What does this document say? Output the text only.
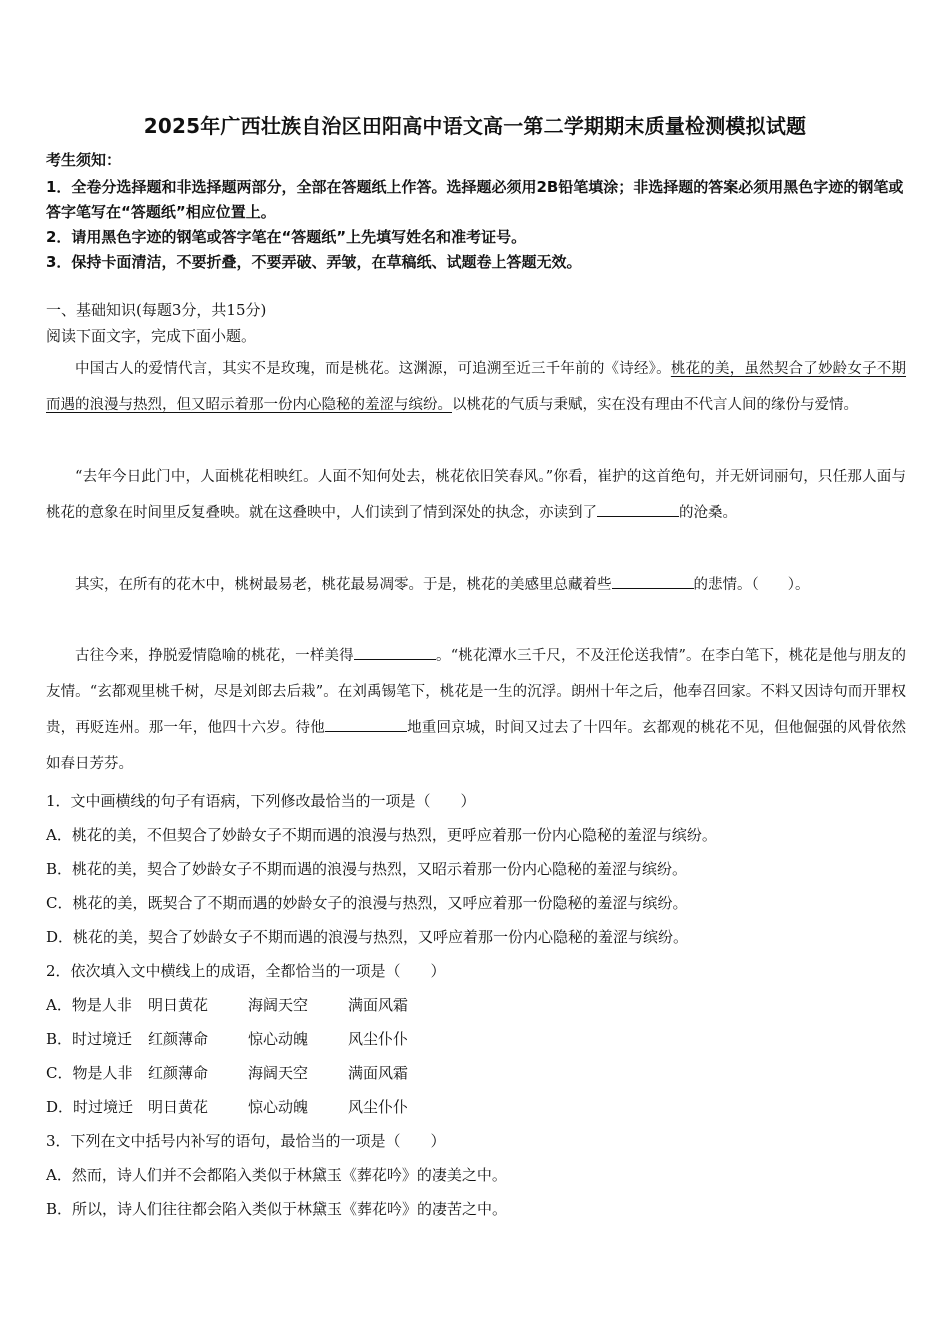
2025年广西壮族自治区田阳高中语文高一第二学期期末质量检测模拟试题
考生须知：
1．全卷分选择题和非选择题两部分，全部在答题纸上作答。选择题必须用2B铅笔填涂；非选择题的答案必须用黑色字迹的钢笔或答字笔写在“答题纸”相应位置上。
2．请用黑色字迹的钢笔或答字笔在“答题纸”上先填写姓名和准考证号。
3．保持卡面清洁，不要折叠，不要弄破、弄皱，在草稿纸、试题卷上答题无效。
一、基础知识(每题3分，共15分)
阅读下面文字，完成下面小题。
中国古人的爱情代言，其实不是玫瑰，而是桃花。这渊源，可追溯至近三千年前的《诗经》。桃花的美，虽然契合了妙龄女子不期而遇的浪漫与热烈，但又昭示着那一份内心隐秘的羞涩与缤纷。以桃花的气质与秉赋，实在没有理由不代言人间的缘份与爱情。
“去年今日此门中，人面桃花相映红。人面不知何处去，桃花依旧笑春风。”你看，崔护的这首绝句，并无妍词丽句，只任那人面与桃花的意象在时间里反复叠映。就在这叠映中，人们读到了情到深处的执念，亦读到了	的沧桑。
其实，在所有的花木中，桃树最易老，桃花最易凋零。于是，桃花的美感里总藏着些	的悲情。（　　）。
古往今来，挣脱爱情隐喻的桃花，一样美得	。“桃花潭水三千尺，不及汪伦送我情”。在李白笔下，桃花是他与朋友的友情。“玄都观里桃千树，尽是刘郎去后栽”。在刘禹锡笔下，桃花是一生的沉浮。朗州十年之后，他奉召回家。不料又因诗句而开罪权贵，再贬连州。那一年，他四十六岁。待他	地重回京城，时间又过去了十四年。玄都观的桃花不见，但他倔强的风骨依然如春日芳芬。
1．文中画横线的句子有语病，下列修改最恰当的一项是（　　）
A．桃花的美，不但契合了妙龄女子不期而遇的浪漫与热烈，更呼应着那一份内心隐秘的羞涩与缤纷。
B．桃花的美，契合了妙龄女子不期而遇的浪漫与热烈，又昭示着那一份内心隐秘的羞涩与缤纷。
C．桃花的美，既契合了不期而遇的妙龄女子的浪漫与热烈，又呼应着那一份隐秘的羞涩与缤纷。
D．桃花的美，契合了妙龄女子不期而遇的浪漫与热烈，又呼应着那一份内心隐秘的羞涩与缤纷。
2．依次填入文中横线上的成语，全都恰当的一项是（　　）
A．物是人非 明日黄花	海阔天空	满面风霜
B．时过境迁 红颜薄命	惊心动魄	风尘仆仆
C．物是人非 红颜薄命	海阔天空	满面风霜
D．时过境迁 明日黄花	惊心动魄	风尘仆仆
3．下列在文中括号内补写的语句，最恰当的一项是（　　）
A．然而，诗人们并不会都陷入类似于林黛玉《葬花吟》的凄美之中。
B．所以，诗人们往往都会陷入类似于林黛玉《葬花吟》的凄苦之中。
